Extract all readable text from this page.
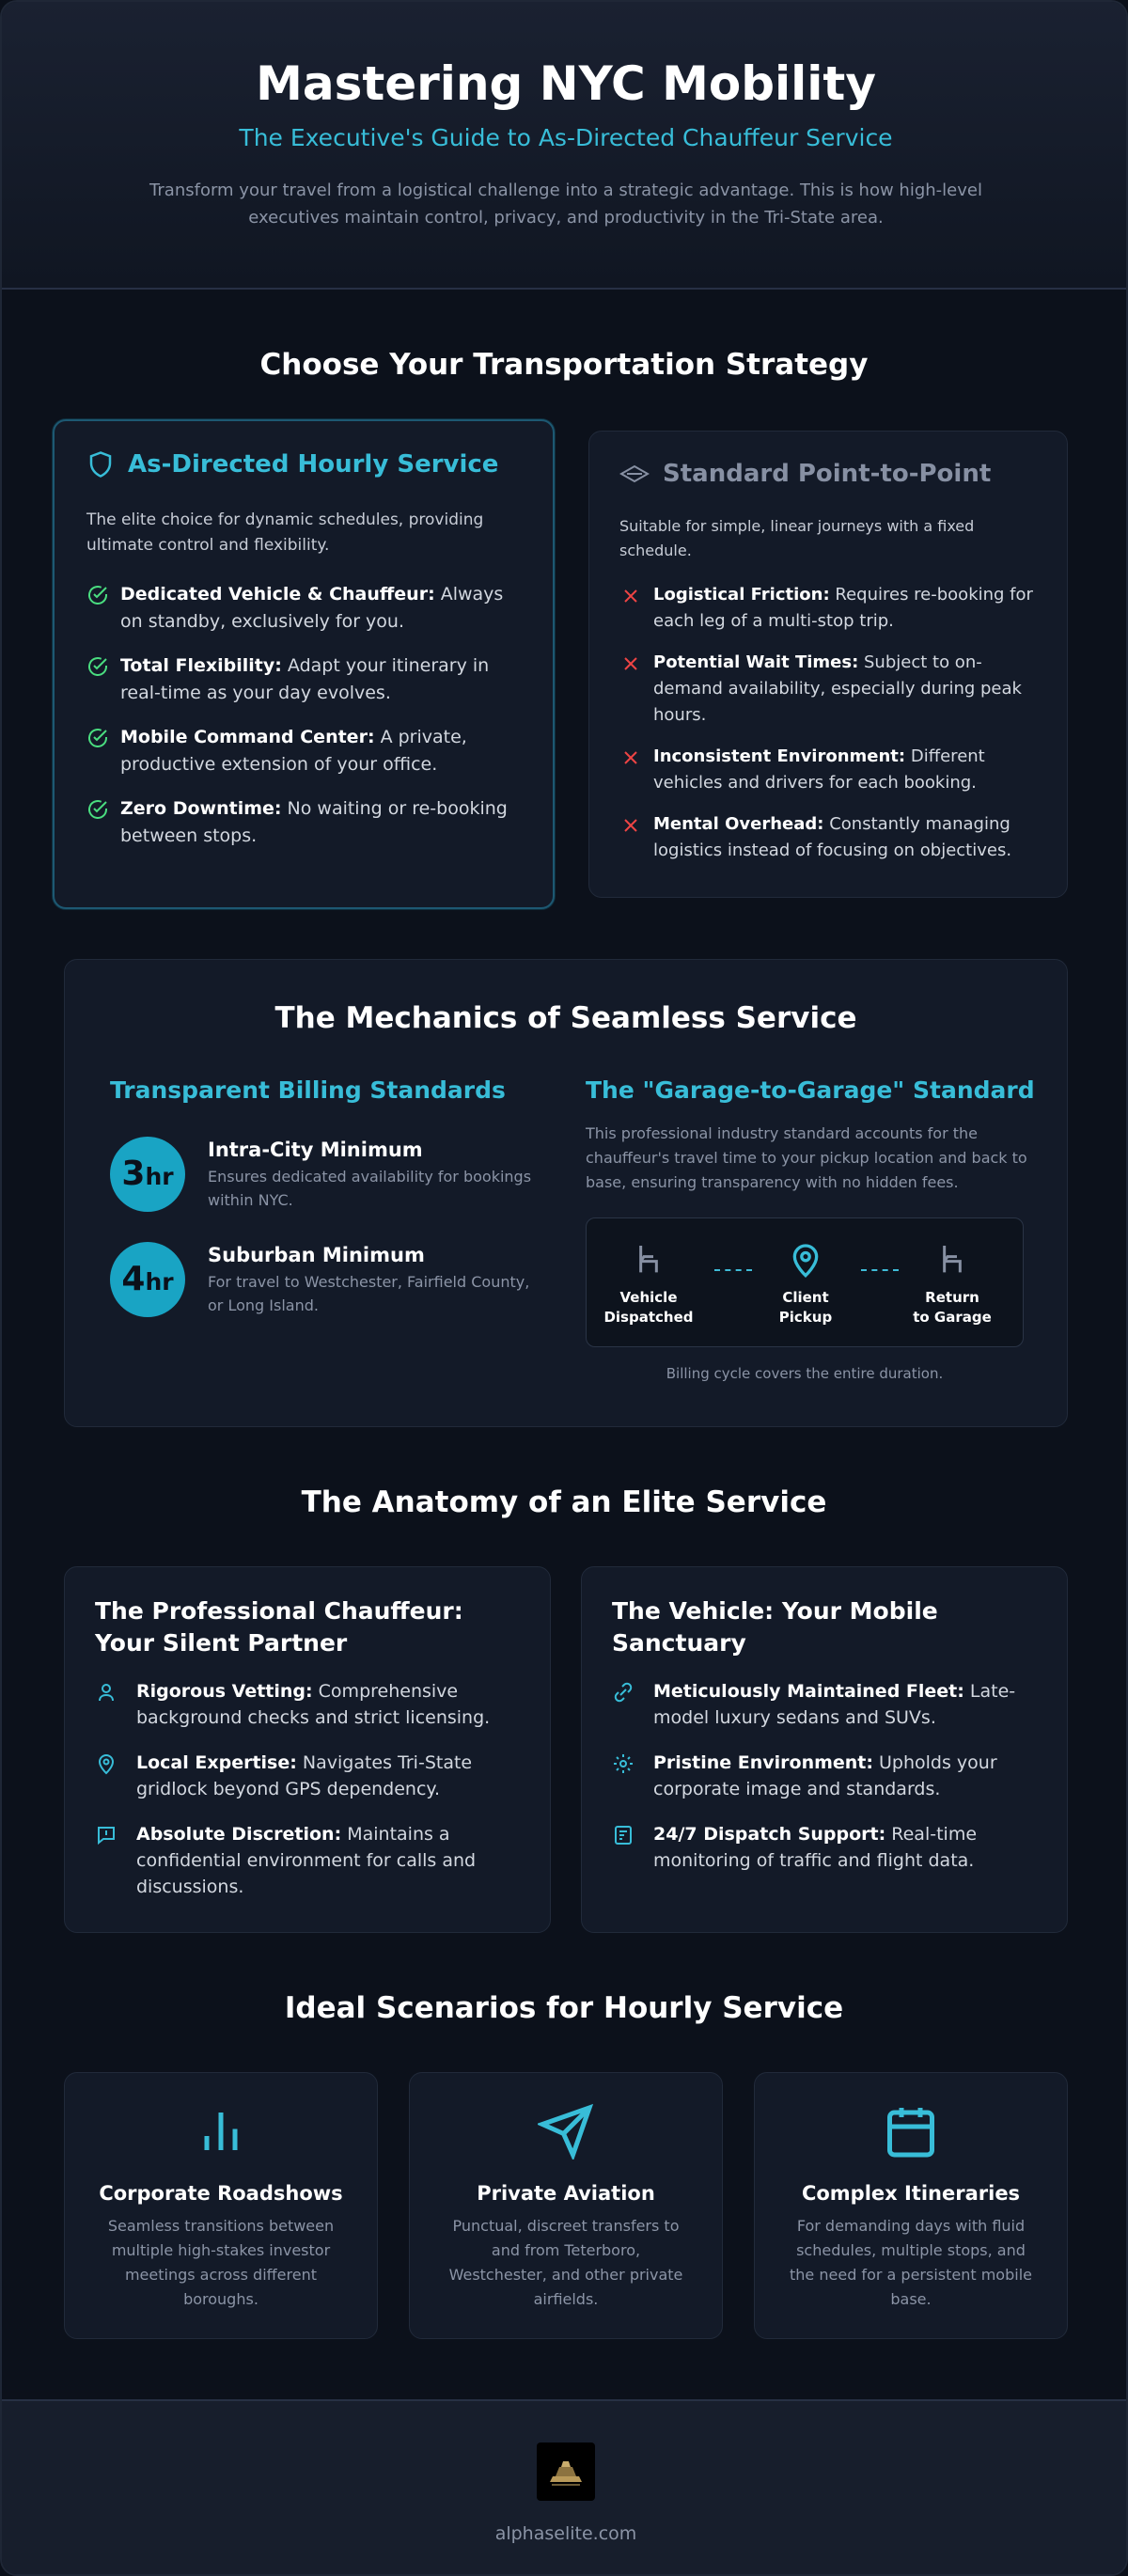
Mastering NYC Mobility
The Executive's Guide to As-Directed Chauffeur Service

Transform your travel from a logistical challenge into a strategic advantage. This is how high-level executives maintain control, privacy, and productivity in the Tri-State area.

Choose Your Transportation Strategy
As-Directed Hourly Service
The elite choice for dynamic schedules, providing ultimate control and flexibility.
Dedicated Vehicle & Chauffeur: Always on standby, exclusively for you.
Total Flexibility: Adapt your itinerary in real-time as your day evolves.
Mobile Command Center: A private, productive extension of your office.
Zero Downtime: No waiting or re-booking between stops.
Standard Point-to-Point
Suitable for simple, linear journeys with a fixed schedule.
Logistical Friction: Requires re-booking for each leg of a multi-stop trip.
Potential Wait Times: Subject to on-demand availability, especially during peak hours.
Inconsistent Environment: Different vehicles and drivers for each booking.
Mental Overhead: Constantly managing logistics instead of focusing on objectives.
The Mechanics of Seamless Service
Transparent Billing Standards
3hr
Intra-City Minimum
Ensures dedicated availability for bookings within NYC.
4hr
Suburban Minimum
For travel to Westchester, Fairfield County, or Long Island.
The "Garage-to-Garage" Standard
This professional industry standard accounts for the chauffeur's travel time to your pickup location and back to base, ensuring transparency with no hidden fees.
Vehicle
Dispatched
Client
Pickup
Return
to Garage
Billing cycle covers the entire duration.
The Anatomy of an Elite Service
The Professional Chauffeur: Your Silent Partner
Rigorous Vetting: Comprehensive background checks and strict licensing.
Local Expertise: Navigates Tri-State gridlock beyond GPS dependency.
Absolute Discretion: Maintains a confidential environment for calls and discussions.
The Vehicle: Your Mobile Sanctuary
Meticulously Maintained Fleet: Late-model luxury sedans and SUVs.
Pristine Environment: Upholds your corporate image and standards.
24/7 Dispatch Support: Real-time monitoring of traffic and flight data.
Ideal Scenarios for Hourly Service
Corporate Roadshows
Seamless transitions between multiple high-stakes investor meetings across different boroughs.
Private Aviation
Punctual, discreet transfers to and from Teterboro, Westchester, and other private airfields.
Complex Itineraries
For demanding days with fluid schedules, multiple stops, and the need for a persistent mobile base.
alphaselite.com
